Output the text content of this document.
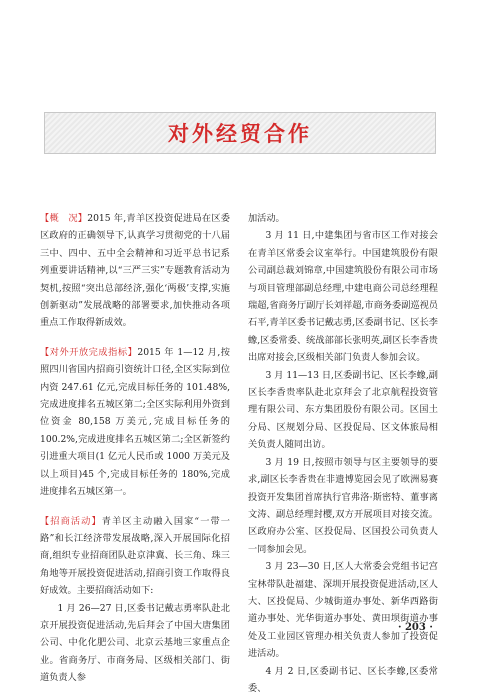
对外经贸合作

【概　况】2015 年,青羊区投资促进局在区委区政府的正确领导下,认真学习贯彻党的十八届三中、四中、五中全会精神和习近平总书记系列重要讲话精神,以“三严三实”专题教育活动为契机,按照“突出总部经济,强化‘两极’支撑,实施创新驱动”发展战略的部署要求,加快推动各项重点工作取得新成效。

【对外开放完成指标】2015 年 1—12 月,按照四川省国内招商引资统计口径,全区实际到位内资 247.61 亿元,完成目标任务的 101.48%,完成进度排名五城区第二;全区实际利用外资到位资金 80,158 万美元,完成目标任务的 100.2%,完成进度排名五城区第二;全区新签约引进重大项目(1 亿元人民币或 1000 万美元及以上项目)45 个,完成目标任务的 180%,完成进度排名五城区第一。

【招商活动】青羊区主动融入国家“一带一路”和长江经济带发展战略,深入开展国际化招商,组织专业招商团队赴京津冀、长三角、珠三角地等开展投资促进活动,招商引资工作取得良好成效。主要招商活动如下:

1 月 26—27 日,区委书记戴志勇率队赴北京开展投资促进活动,先后拜会了中国大唐集团公司、中化化肥公司、北京云基地三家重点企业。省商务厅、市商务局、区级相关部门、街道负责人参

加活动。

3 月 11 日,中建集团与省市区工作对接会在青羊区常委会议室举行。中国建筑股份有限公司副总裁刘锦章,中国建筑股份有限公司市场与项目管理部副总经理,中建电商公司总经理程瑞超,省商务厅副厅长刘祥超,市商务委副巡视员石平,青羊区委书记戴志勇,区委副书记、区长李蟓,区委常委、统战部部长张明英,副区长李香贵出席对接会,区级相关部门负责人参加会议。

3 月 11—13 日,区委副书记、区长李蟓,副区长李香贵率队赴北京拜会了北京航程投资管理有限公司、东方集团股份有限公司。区国土分局、区规划分局、区投促局、区文体旅局相关负责人随同出访。

3 月 19 日,按照市领导与区主要领导的要求,副区长李香贵在非遗博览园会见了欧洲易赛投资开发集团首席执行官弗洛·斯密特、董事离文涛、副总经理封樱,双方开展项目对接交流。区政府办公室、区投促局、区国投公司负责人一同参加会见。

3 月 23—30 日,区人大常委会党组书记宫宝林带队赴福建、深圳开展投资促进活动,区人大、区投促局、少城街道办事处、新华西路街道办事处、光华街道办事处、黄田坝街道办事处及工业园区管理办相关负责人参加了投资促进活动。

4 月 2 日,区委副书记、区长李蟓,区委常委、

· 203 ·
